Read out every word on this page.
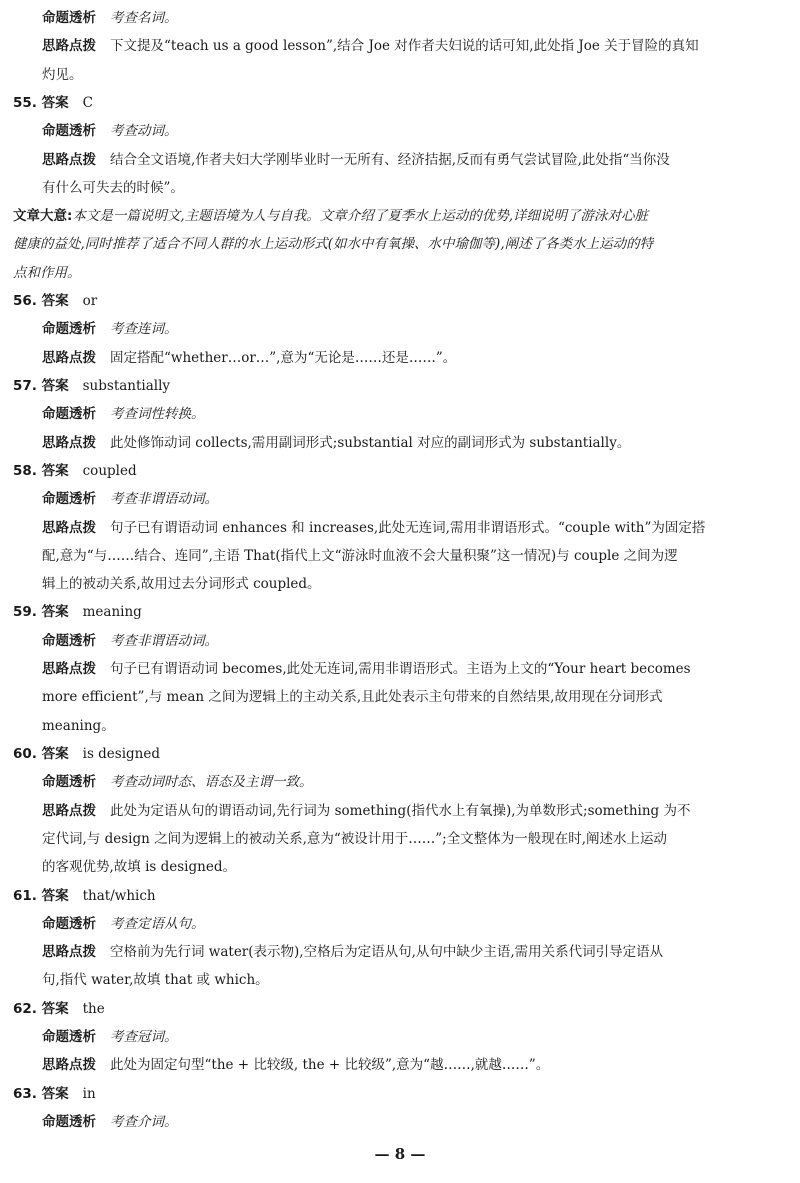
命题透析 考查名词。
思路点拨 下文提及“teach us a good lesson”,结合 Joe 对作者夫妇说的话可知,此处指 Joe 关于冒险的真知
灼见。
55. 答案 C
命题透析 考查动词。
思路点拨 结合全文语境,作者夫妇大学刚毕业时一无所有、经济拮据,反而有勇气尝试冒险,此处指“当你没
有什么可失去的时候”。
文章大意:本文是一篇说明文,主题语境为人与自我。文章介绍了夏季水上运动的优势,详细说明了游泳对心脏
健康的益处,同时推荐了适合不同人群的水上运动形式(如水中有氧操、水中瑜伽等),阐述了各类水上运动的特
点和作用。
56. 答案 or
命题透析 考查连词。
思路点拨 固定搭配“whether…or…”,意为“无论是……还是……”。
57. 答案 substantially
命题透析 考查词性转换。
思路点拨 此处修饰动词 collects,需用副词形式;substantial 对应的副词形式为 substantially。
58. 答案 coupled
命题透析 考查非谓语动词。
思路点拨 句子已有谓语动词 enhances 和 increases,此处无连词,需用非谓语形式。“couple with”为固定搭
配,意为“与……结合、连同”,主语 That(指代上文“游泳时血液不会大量积聚”这一情况)与 couple 之间为逻
辑上的被动关系,故用过去分词形式 coupled。
59. 答案 meaning
命题透析 考查非谓语动词。
思路点拨 句子已有谓语动词 becomes,此处无连词,需用非谓语形式。主语为上文的“Your heart becomes
more efficient”,与 mean 之间为逻辑上的主动关系,且此处表示主句带来的自然结果,故用现在分词形式
meaning。
60. 答案 is designed
命题透析 考查动词时态、语态及主谓一致。
思路点拨 此处为定语从句的谓语动词,先行词为 something(指代水上有氧操),为单数形式;something 为不
定代词,与 design 之间为逻辑上的被动关系,意为“被设计用于……”;全文整体为一般现在时,阐述水上运动
的客观优势,故填 is designed。
61. 答案 that/which
命题透析 考查定语从句。
思路点拨 空格前为先行词 water(表示物),空格后为定语从句,从句中缺少主语,需用关系代词引导定语从
句,指代 water,故填 that 或 which。
62. 答案 the
命题透析 考查冠词。
思路点拨 此处为固定句型“the + 比较级, the + 比较级”,意为“越……,就越……”。
63. 答案 in
命题透析 考查介词。
— 8 —
